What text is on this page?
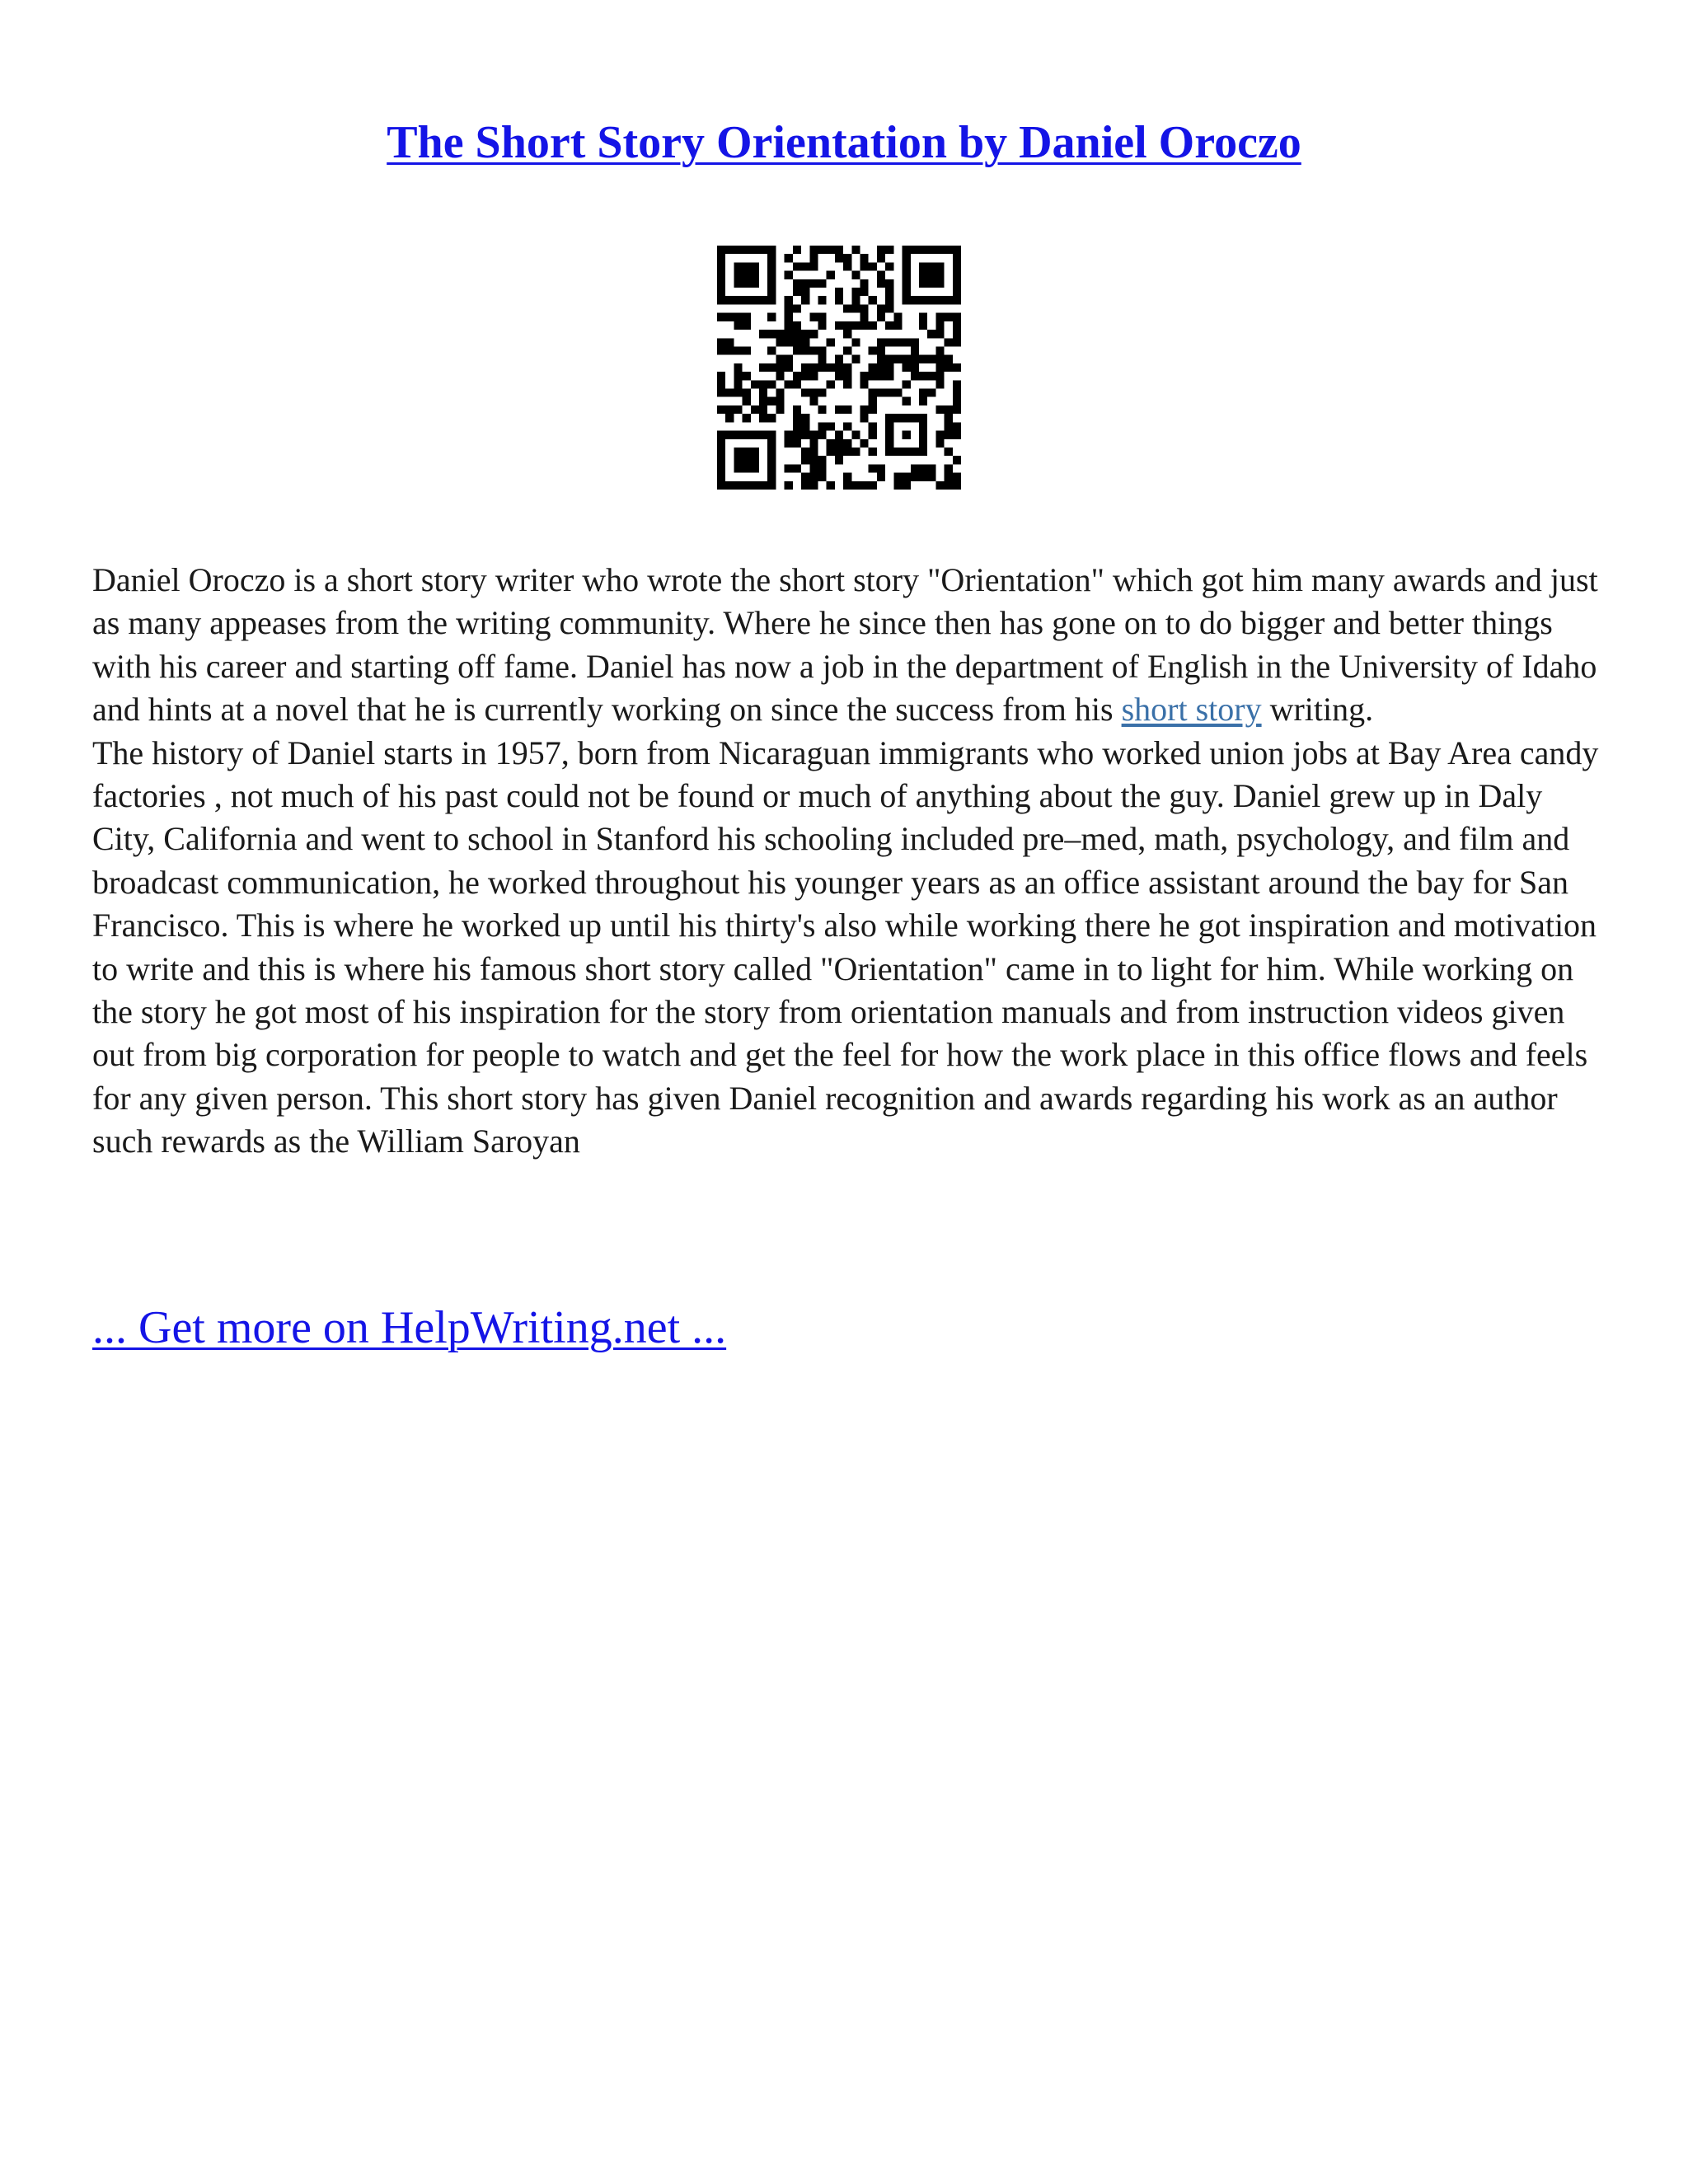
The Short Story Orientation by Daniel Oroczo

Daniel Oroczo is a short story writer who wrote the short story "Orientation" which got him many awards and just as many appeases from the writing community. Where he since then has gone on to do bigger and better things with his career and starting off fame. Daniel has now a job in the department of English in the University of Idaho and hints at a novel that he is currently working on since the success from his short story writing.

The history of Daniel starts in 1957, born from Nicaraguan immigrants who worked union jobs at Bay Area candy factories , not much of his past could not be found or much of anything about the guy. Daniel grew up in Daly City, California and went to school in Stanford his schooling included pre–med, math, psychology, and film and broadcast communication, he worked throughout his younger years as an office assistant around the bay for San Francisco. This is where he worked up until his thirty's also while working there he got inspiration and motivation to write and this is where his famous short story called "Orientation" came in to light for him. While working on the story he got most of his inspiration for the story from orientation manuals and from instruction videos given out from big corporation for people to watch and get the feel for how the work place in this office flows and feels for any given person. This short story has given Daniel recognition and awards regarding his work as an author such rewards as the William Saroyan

... Get more on HelpWriting.net ...
